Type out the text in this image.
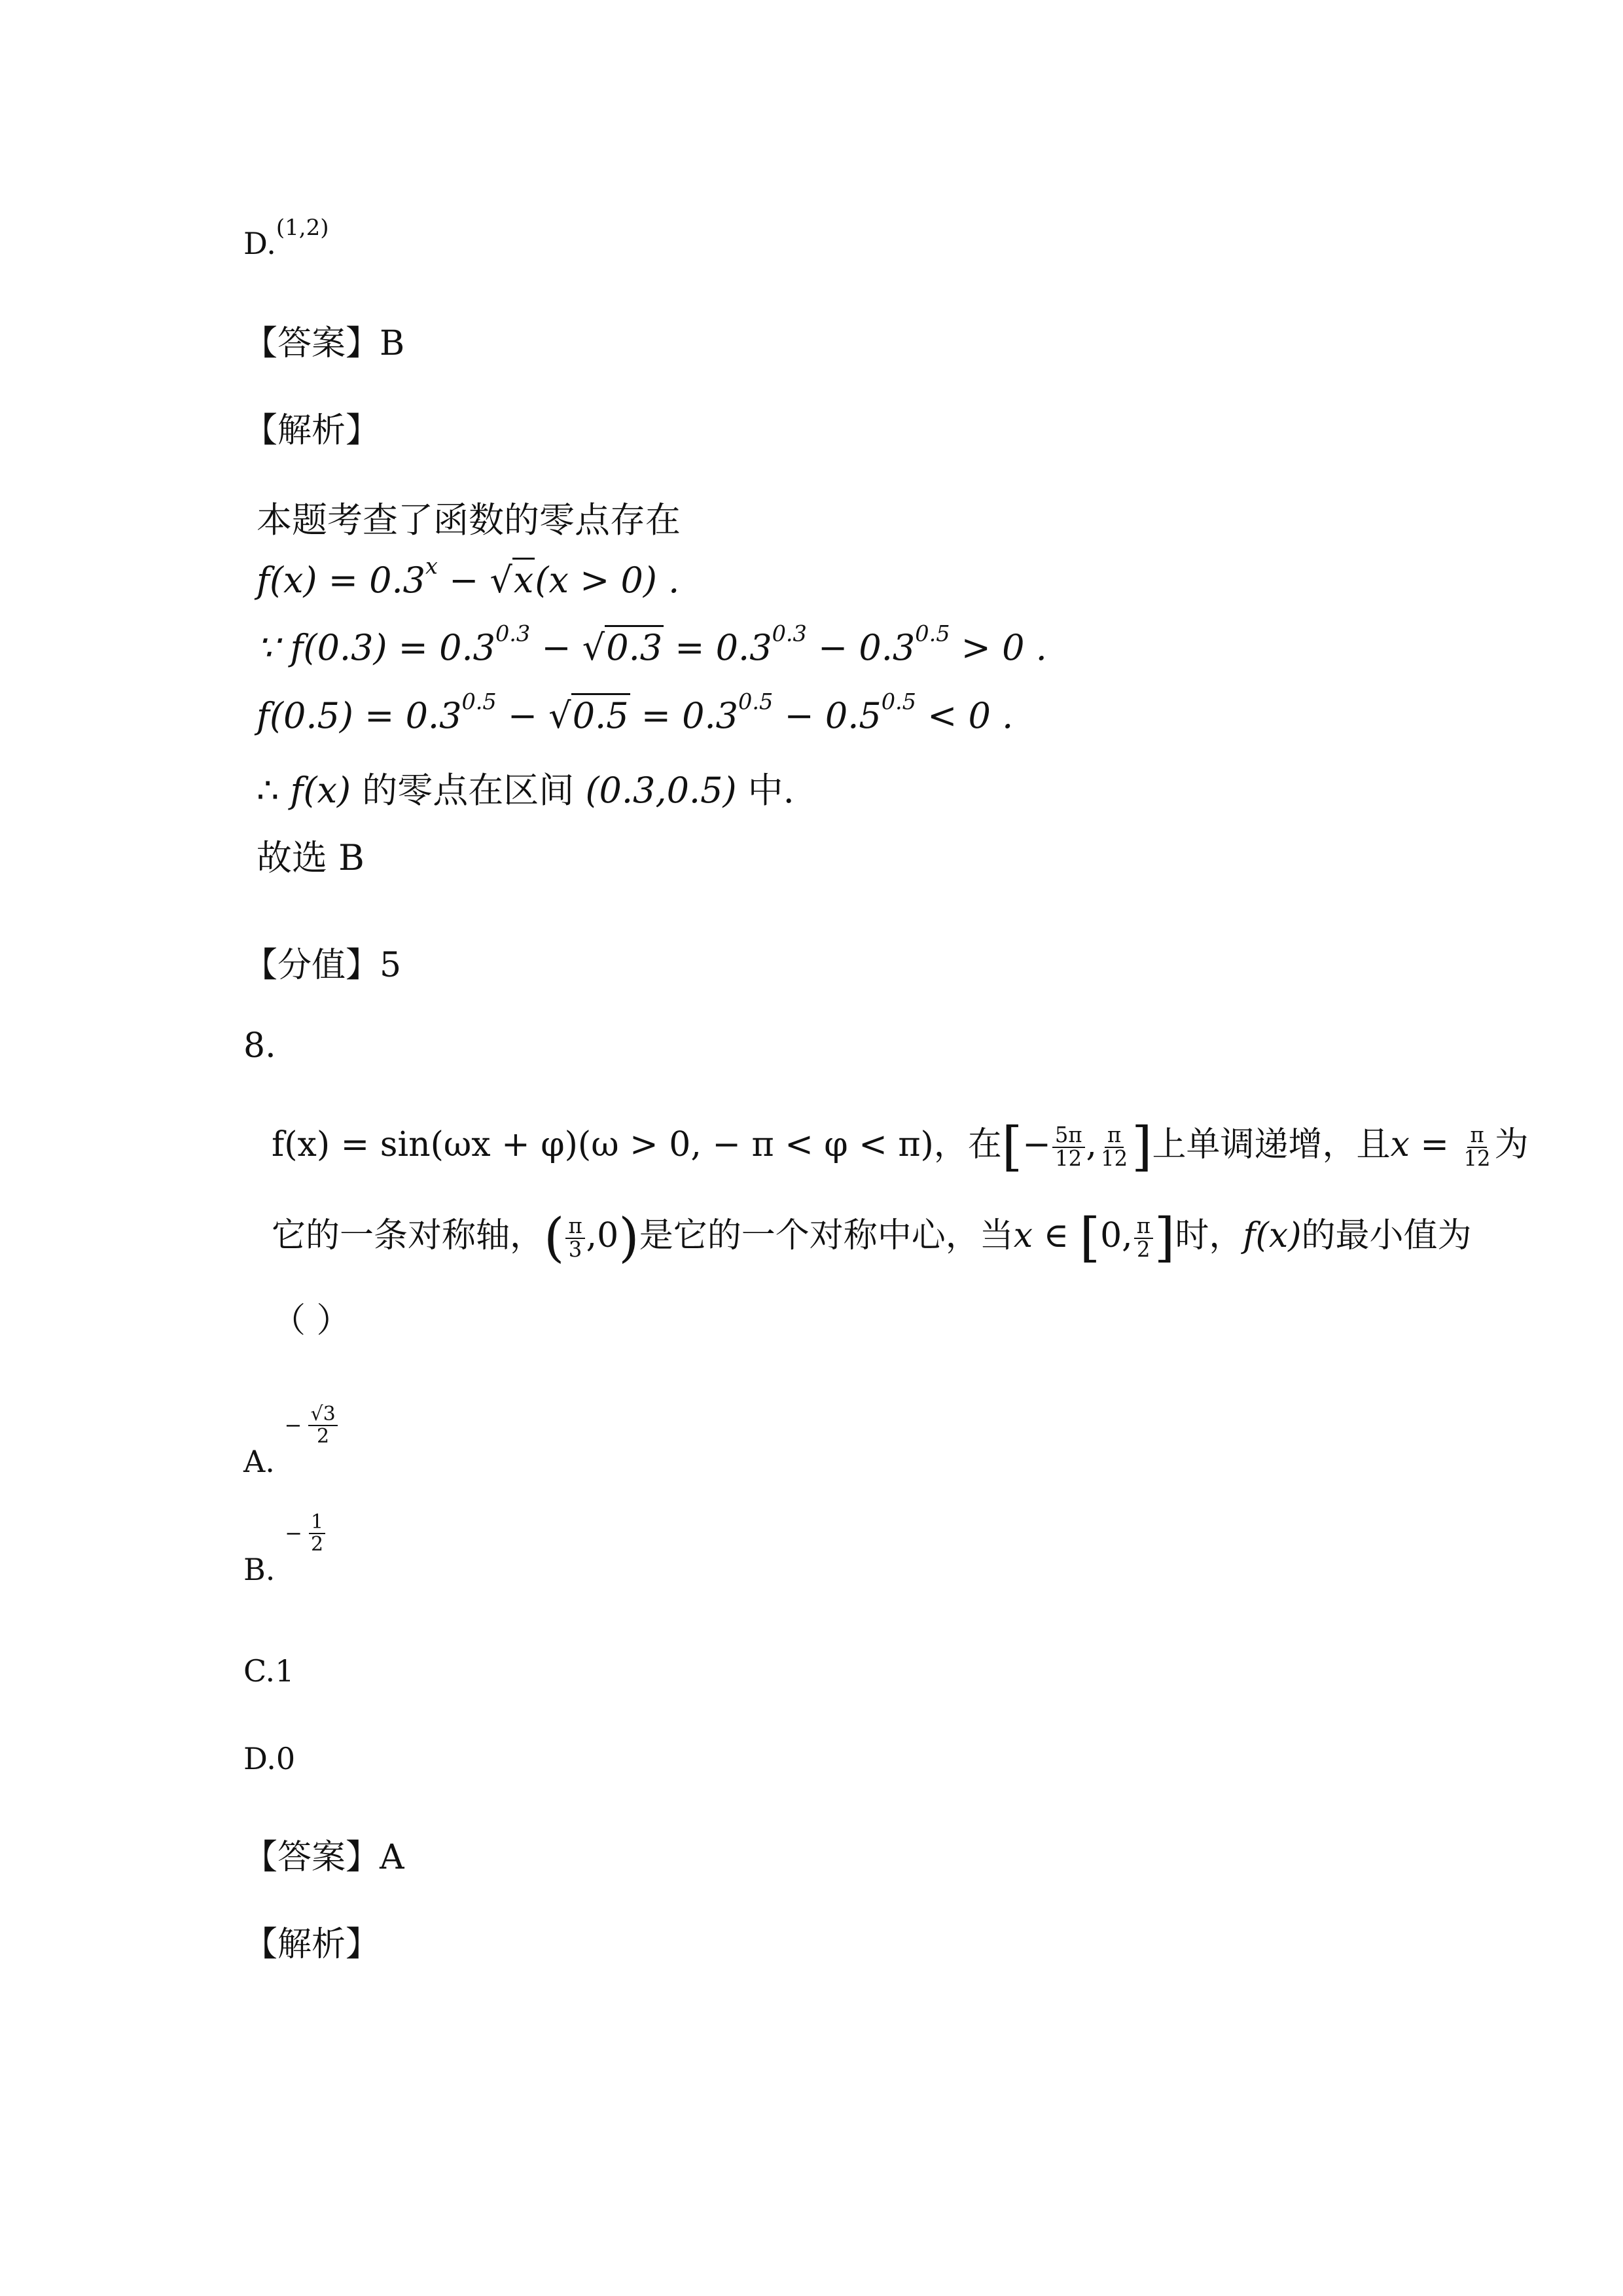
D.$^{(1,2)}$
【答案】B
【解析】
本题考查了函数的零点存在
$f(x) = 0.3^x - √x(x > 0)$ .
∵ $f(0.3) = 0.3^{0.3} - √0.3 = 0.3^{0.3} - 0.3^{0.5} > 0$ .
$f(0.5) = 0.3^{0.5} - √0.5 = 0.3^{0.5} - 0.5^{0.5} < 0$ .
∴ f(x) 的零点在区间 (0.3,0.5) 中.
故选 B
【分值】5
8.
f(x) = sin(ωx + φ)(ω > 0, − π < φ < π)，在[− $\frac{5\pi}{12}$ , $\frac{\pi}{12}$ ]上单调递增，且$x = \frac{\pi}{12}$ 为
它的一条对称轴，( $\frac{\pi}{3} ,0$)是它的一个对称中心，当x ∈ [0, $\frac{\pi}{2}$ ]时，f(x)的最小值为
（ ）
A. − $\frac{√3}{2}$
B. − $\frac{1}{2}$
C.1
D.0
【答案】A
【解析】
